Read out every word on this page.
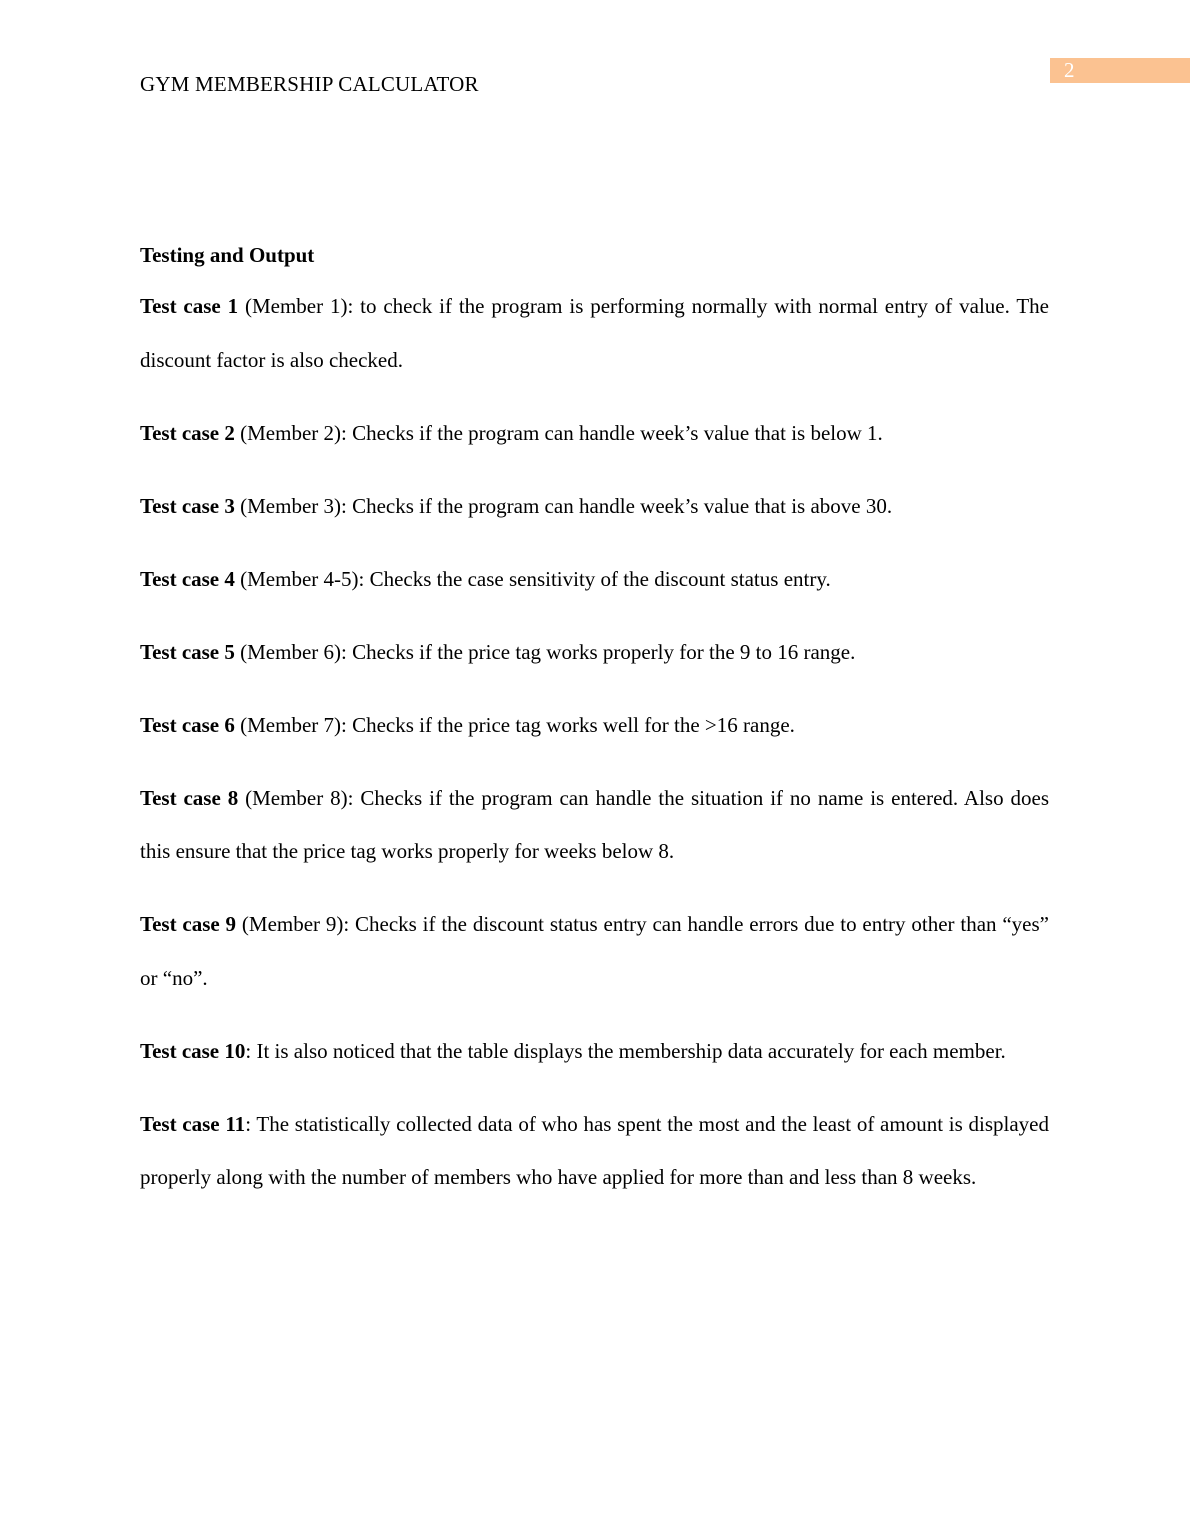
2
GYM MEMBERSHIP CALCULATOR
Testing and Output

Test case 1 (Member 1): to check if the program is performing normally with normal entry of value. The discount factor is also checked.

Test case 2 (Member 2): Checks if the program can handle week’s value that is below 1.

Test case 3 (Member 3): Checks if the program can handle week’s value that is above 30.

Test case 4 (Member 4-5): Checks the case sensitivity of the discount status entry.

Test case 5 (Member 6): Checks if the price tag works properly for the 9 to 16 range.

Test case 6 (Member 7): Checks if the price tag works well for the >16 range.

Test case 8 (Member 8): Checks if the program can handle the situation if no name is entered. Also does this ensure that the price tag works properly for weeks below 8.

Test case 9 (Member 9): Checks if the discount status entry can handle errors due to entry other than “yes” or “no”.

Test case 10: It is also noticed that the table displays the membership data accurately for each member.

Test case 11: The statistically collected data of who has spent the most and the least of amount is displayed properly along with the number of members who have applied for more than and less than 8 weeks.
